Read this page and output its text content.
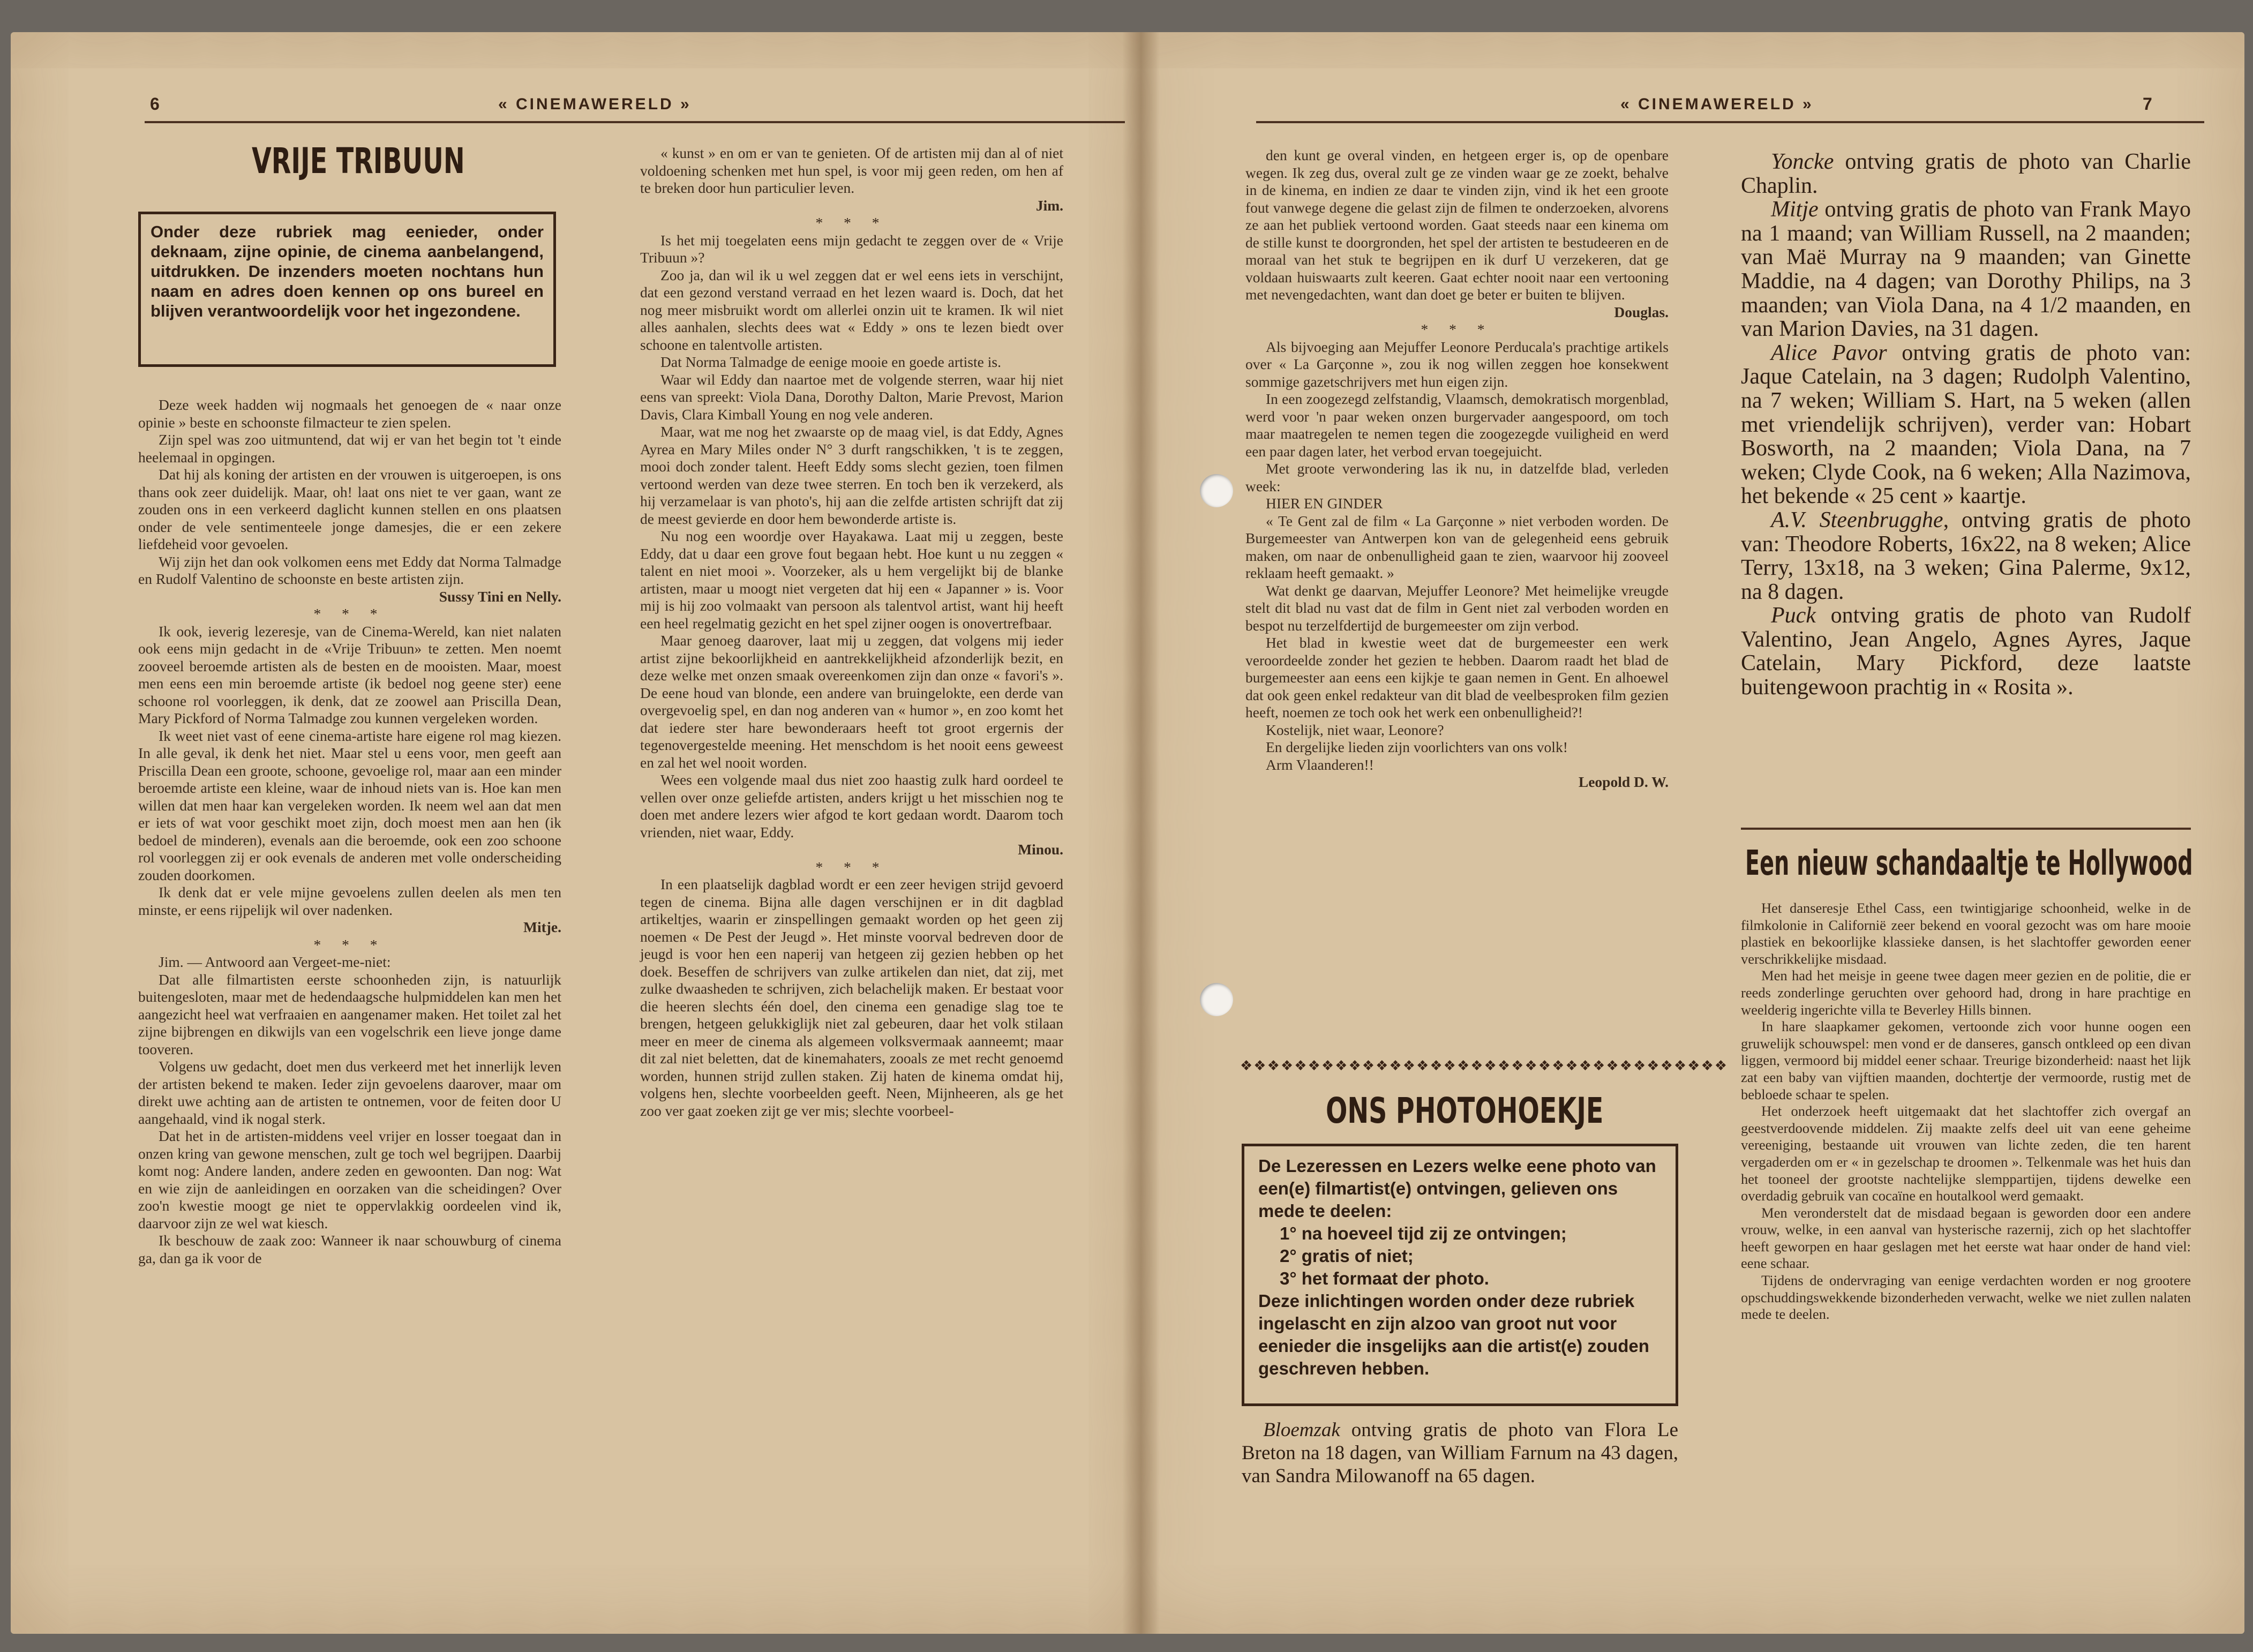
6	« CINEMAWERELD »
VRIJE TRIBUUN
Onder deze rubriek mag eenieder, onder deknaam, zijne opinie, de cinema aanbelangend, uitdrukken. De inzenders moeten nochtans hun naam en adres doen kennen op ons bureel en blijven verantwoordelijk voor het ingezondene.

Deze week hadden wij nogmaals het genoegen de « naar onze opinie » beste en schoonste filmacteur te zien spelen.

Zijn spel was zoo uitmuntend, dat wij er van het begin tot 't einde heelemaal in opgingen.

Dat hij als koning der artisten en der vrouwen is uitgeroepen, is ons thans ook zeer duidelijk. Maar, oh! laat ons niet te ver gaan, want ze zouden ons in een verkeerd daglicht kunnen stellen en ons plaatsen onder de vele sentimenteele jonge damesjes, die er een zekere liefdeheid voor gevoelen.

Wij zijn het dan ook volkomen eens met Eddy dat Norma Talmadge en Rudolf Valentino de schoonste en beste artisten zijn.

Sussy Tini en Nelly.

* * *

Ik ook, ieverig lezeresje, van de Cinema-Wereld, kan niet nalaten ook eens mijn gedacht in de «Vrije Tribuun» te zetten. Men noemt zooveel beroemde artisten als de besten en de mooisten. Maar, moest men eens een min beroemde artiste (ik bedoel nog geene ster) eene schoone rol voorleggen, ik denk, dat ze zoowel aan Priscilla Dean, Mary Pickford of Norma Talmadge zou kunnen vergeleken worden.

Ik weet niet vast of eene cinema-artiste hare eigene rol mag kiezen. In alle geval, ik denk het niet. Maar stel u eens voor, men geeft aan Priscilla Dean een groote, schoone, gevoelige rol, maar aan een minder beroemde artiste een kleine, waar de inhoud niets van is. Hoe kan men willen dat men haar kan vergeleken worden. Ik neem wel aan dat men er iets of wat voor geschikt moet zijn, doch moest men aan hen (ik bedoel de minderen), evenals aan die beroemde, ook een zoo schoone rol voorleggen zij er ook evenals de anderen met volle onderscheiding zouden doorkomen.

Ik denk dat er vele mijne gevoelens zullen deelen als men ten minste, er eens rijpelijk wil over nadenken.

Mitje.

* * *

Jim. — Antwoord aan Vergeet-me-niet:

Dat alle filmartisten eerste schoonheden zijn, is natuurlijk buitengesloten, maar met de hedendaagsche hulpmiddelen kan men het aangezicht heel wat verfraaien en aangenamer maken. Het toilet zal het zijne bijbrengen en dikwijls van een vogelschrik een lieve jonge dame tooveren.

Volgens uw gedacht, doet men dus verkeerd met het innerlijk leven der artisten bekend te maken. Ieder zijn gevoelens daarover, maar om direkt uwe achting aan de artisten te ontnemen, voor de feiten door U aangehaald, vind ik nogal sterk.

Dat het in de artisten-middens veel vrijer en losser toegaat dan in onzen kring van gewone menschen, zult ge toch wel begrijpen. Daarbij komt nog: Andere landen, andere zeden en gewoonten. Dan nog: Wat en wie zijn de aanleidingen en oorzaken van die scheidingen? Over zoo'n kwestie moogt ge niet te oppervlakkig oordeelen vind ik, daarvoor zijn ze wel wat kiesch.

Ik beschouw de zaak zoo: Wanneer ik naar schouwburg of cinema ga, dan ga ik voor de

« kunst » en om er van te genieten. Of de artisten mij dan al of niet voldoening schenken met hun spel, is voor mij geen reden, om hen af te breken door hun particulier leven.

Jim.

* * *

Is het mij toegelaten eens mijn gedacht te zeggen over de « Vrije Tribuun »?

Zoo ja, dan wil ik u wel zeggen dat er wel eens iets in verschijnt, dat een gezond verstand verraad en het lezen waard is. Doch, dat het nog meer misbruikt wordt om allerlei onzin uit te kramen. Ik wil niet alles aanhalen, slechts dees wat « Eddy » ons te lezen biedt over schoone en talentvolle artisten.

Dat Norma Talmadge de eenige mooie en goede artiste is.

Waar wil Eddy dan naartoe met de volgende sterren, waar hij niet eens van spreekt: Viola Dana, Dorothy Dalton, Marie Prevost, Marion Davis, Clara Kimball Young en nog vele anderen.

Maar, wat me nog het zwaarste op de maag viel, is dat Eddy, Agnes Ayrea en Mary Miles onder N° 3 durft rangschikken, 't is te zeggen, mooi doch zonder talent. Heeft Eddy soms slecht gezien, toen filmen vertoond werden van deze twee sterren. En toch ben ik verzekerd, als hij verzamelaar is van photo's, hij aan die zelfde artisten schrijft dat zij de meest gevierde en door hem bewonderde artiste is.

Nu nog een woordje over Hayakawa. Laat mij u zeggen, beste Eddy, dat u daar een grove fout begaan hebt. Hoe kunt u nu zeggen « talent en niet mooi ». Voorzeker, als u hem vergelijkt bij de blanke artisten, maar u moogt niet vergeten dat hij een « Japanner » is. Voor mij is hij zoo volmaakt van persoon als talentvol artist, want hij heeft een heel regelmatig gezicht en het spel zijner oogen is onovertrefbaar.

Maar genoeg daarover, laat mij u zeggen, dat volgens mij ieder artist zijne bekoorlijkheid en aantrekkelijkheid afzonderlijk bezit, en deze welke met onzen smaak overeenkomen zijn dan onze « favori's ». De eene houd van blonde, een andere van bruingelokte, een derde van overgevoelig spel, en dan nog anderen van « humor », en zoo komt het dat iedere ster hare bewonderaars heeft tot groot ergernis der tegenovergestelde meening. Het menschdom is het nooit eens geweest en zal het wel nooit worden.

Wees een volgende maal dus niet zoo haastig zulk hard oordeel te vellen over onze geliefde artisten, anders krijgt u het misschien nog te doen met andere lezers wier afgod te kort gedaan wordt. Daarom toch vrienden, niet waar, Eddy.

Minou.

* * *

In een plaatselijk dagblad wordt er een zeer hevigen strijd gevoerd tegen de cinema. Bijna alle dagen verschijnen er in dit dagblad artikeltjes, waarin er zinspellingen gemaakt worden op het geen zij noemen « De Pest der Jeugd ». Het minste voorval bedreven door de jeugd is voor hen een naperij van hetgeen zij gezien hebben op het doek. Beseffen de schrijvers van zulke artikelen dan niet, dat zij, met zulke dwaasheden te schrijven, zich belachelijk maken. Er bestaat voor die heeren slechts één doel, den cinema een genadige slag toe te brengen, hetgeen gelukkiglijk niet zal gebeuren, daar het volk stilaan meer en meer de cinema als algemeen volksvermaak aanneemt; maar dit zal niet beletten, dat de kinemahaters, zooals ze met recht genoemd worden, hunnen strijd zullen staken. Zij haten de kinema omdat hij, volgens hen, slechte voorbeelden geeft. Neen, Mijnheeren, als ge het zoo ver gaat zoeken zijt ge ver mis; slechte voorbeel-

« CINEMAWERELD »	7

den kunt ge overal vinden, en hetgeen erger is, op de openbare wegen. Ik zeg dus, overal zult ge ze vinden waar ge ze zoekt, behalve in de kinema, en indien ze daar te vinden zijn, vind ik het een groote fout vanwege degene die gelast zijn de filmen te onderzoeken, alvorens ze aan het publiek vertoond worden. Gaat steeds naar een kinema om de stille kunst te doorgronden, het spel der artisten te bestudeeren en de moraal van het stuk te begrijpen en ik durf U verzekeren, dat ge voldaan huiswaarts zult keeren. Gaat echter nooit naar een vertooning met nevengedachten, want dan doet ge beter er buiten te blijven.

Douglas.

* * *

Als bijvoeging aan Mejuffer Leonore Perducala's prachtige artikels over « La Garçonne », zou ik nog willen zeggen hoe konsekwent sommige gazetschrijvers met hun eigen zijn.

In een zoogezegd zelfstandig, Vlaamsch, demokratisch morgenblad, werd voor 'n paar weken onzen burgervader aangespoord, om toch maar maatregelen te nemen tegen die zoogezegde vuiligheid en werd een paar dagen later, het verbod ervan toegejuicht.

Met groote verwondering las ik nu, in datzelfde blad, verleden week:

HIER EN GINDER

« Te Gent zal de film « La Garçonne » niet verboden worden. De Burgemeester van Antwerpen kon van de gelegenheid eens gebruik maken, om naar de onbenulligheid gaan te zien, waarvoor hij zooveel reklaam heeft gemaakt. »

Wat denkt ge daarvan, Mejuffer Leonore? Met heimelijke vreugde stelt dit blad nu vast dat de film in Gent niet zal verboden worden en bespot nu terzelfdertijd de burgemeester om zijn verbod.

Het blad in kwestie weet dat de burgemeester een werk veroordeelde zonder het gezien te hebben. Daarom raadt het blad de burgemeester aan eens een kijkje te gaan nemen in Gent. En alhoewel dat ook geen enkel redakteur van dit blad de veelbesproken film gezien heeft, noemen ze toch ook het werk een onbenulligheid?!

Kostelijk, niet waar, Leonore?

En dergelijke lieden zijn voorlichters van ons volk!

Arm Vlaanderen!!

Leopold D. W.

❖❖❖❖❖❖❖❖❖❖❖❖❖❖❖❖❖❖❖❖❖❖❖❖❖❖❖❖❖❖❖❖❖❖❖❖
ONS PHOTOHOEKJE

De Lezeressen en Lezers welke eene photo van een(e) filmartist(e) ontvingen, gelieven ons mede te deelen:

1° na hoeveel tijd zij ze ontvingen;

2° gratis of niet;

3° het formaat der photo.

Deze inlichtingen worden onder deze rubriek ingelascht en zijn alzoo van groot nut voor eenieder die insgelijks aan die artist(e) zouden geschreven hebben.

Bloemzak ontving gratis de photo van Flora Le Breton na 18 dagen, van William Farnum na 43 dagen, van Sandra Milowanoff na 65 dagen.

Yoncke ontving gratis de photo van Charlie Chaplin.

Mitje ontving gratis de photo van Frank Mayo na 1 maand; van William Russell, na 2 maanden; van Maë Murray na 9 maanden; van Ginette Maddie, na 4 dagen; van Dorothy Philips, na 3 maanden; van Viola Dana, na 4 1/2 maanden, en van Marion Davies, na 31 dagen.

Alice Pavor ontving gratis de photo van: Jaque Catelain, na 3 dagen; Rudolph Valentino, na 7 weken; William S. Hart, na 5 weken (allen met vriendelijk schrijven), verder van: Hobart Bosworth, na 2 maanden; Viola Dana, na 7 weken; Clyde Cook, na 6 weken; Alla Nazimova, het bekende « 25 cent » kaartje.

A.V. Steenbrugghe, ontving gratis de photo van: Theodore Roberts, 16x22, na 8 weken; Alice Terry, 13x18, na 3 weken; Gina Palerme, 9x12, na 8 dagen.

Puck ontving gratis de photo van Rudolf Valentino, Jean Angelo, Agnes Ayres, Jaque Catelain, Mary Pickford, deze laatste buitengewoon prachtig in « Rosita ».

Een nieuw schandaaltje te Hollywood

Het danseresje Ethel Cass, een twintigjarige schoonheid, welke in de filmkolonie in Californië zeer bekend en vooral gezocht was om hare mooie plastiek en bekoorlijke klassieke dansen, is het slachtoffer geworden eener verschrikkelijke misdaad.

Men had het meisje in geene twee dagen meer gezien en de politie, die er reeds zonderlinge geruchten over gehoord had, drong in hare prachtige en weelderig ingerichte villa te Beverley Hills binnen.

In hare slaapkamer gekomen, vertoonde zich voor hunne oogen een gruwelijk schouwspel: men vond er de danseres, gansch ontkleed op een divan liggen, vermoord bij middel eener schaar. Treurige bizonderheid: naast het lijk zat een baby van vijftien maanden, dochtertje der vermoorde, rustig met de bebloede schaar te spelen.

Het onderzoek heeft uitgemaakt dat het slachtoffer zich overgaf an geestverdoovende middelen. Zij maakte zelfs deel uit van eene geheime vereeniging, bestaande uit vrouwen van lichte zeden, die ten harent vergaderden om er « in gezelschap te droomen ». Telkenmale was het huis dan het tooneel der grootste nachtelijke slemppartijen, tijdens dewelke een overdadig gebruik van cocaïne en houtalkool werd gemaakt.

Men veronderstelt dat de misdaad begaan is geworden door een andere vrouw, welke, in een aanval van hysterische razernij, zich op het slachtoffer heeft geworpen en haar geslagen met het eerste wat haar onder de hand viel: eene schaar.

Tijdens de ondervraging van eenige verdachten worden er nog grootere opschuddingswekkende bizonderheden verwacht, welke we niet zullen nalaten mede te deelen.
